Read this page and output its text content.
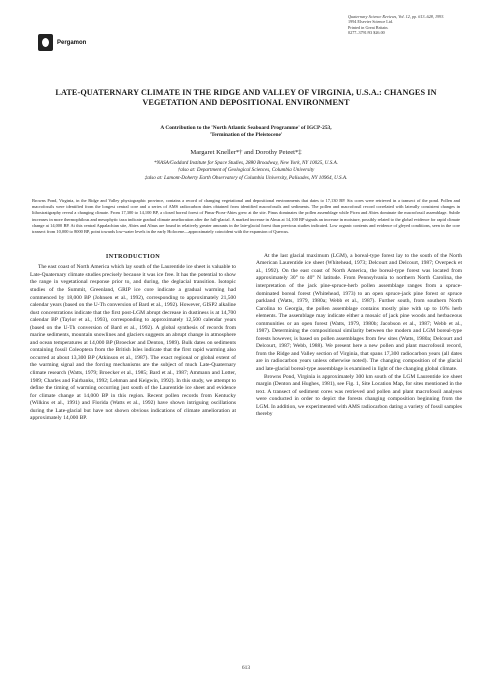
Pergamon
Quaternary Science Reviews, Vol. 12, pp. 613–628, 1993.
1994 Elsevier Science Ltd.
Printed in Great Britain.
0277–3791/93 $26.00
LATE-QUATERNARY CLIMATE IN THE RIDGE AND VALLEY OF VIRGINIA, U.S.A.: CHANGES IN VEGETATION AND DEPOSITIONAL ENVIRONMENT
A Contribution to the 'North Atlantic Seaboard Programme' of IGCP-253,
'Termination of the Pleistocene'
Margaret Kneller*† and Dorothy Peteet*‡
*NASA/Goddard Institute for Space Studies, 2880 Broadway, New York, NY 10025, U.S.A.
†also at: Department of Geological Sciences, Columbia University
‡also at: Lamont-Doherty Earth Observatory of Columbia University, Palisades, NY 10964, U.S.A.
Browns Pond, Virginia, in the Ridge and Valley physiographic province, contains a record of changing vegetational and depositional environments that dates to 17,130 BP. Six cores were retrieved in a transect of the pond. Pollen and macrofossils were identified from the longest central core and a series of AMS radiocarbon dates obtained from identified macrofossils and sediments. The pollen and macrofossil record correlated with laterally consistent changes in lithostratigraphy reveal a changing climate. From 17,300 to 14,100 BP, a closed boreal forest of Pinus-Picea-Abies grew at the site. Pinus dominates the pollen assemblage while Picea and Abies dominate the macrofossil assemblage. Subtle increases in more thermophilous and mesophytic taxa indicate gradual climate amelioration after the full-glacial. A marked increase in Alnus at 14,100 BP signals an increase in moisture, possibly related to the global evidence for rapid climate change at 14,000 BP. At this central Appalachian site, Abies and Alnus are found in relatively greater amounts in the late-glacial forest than previous studies indicated. Low organic contents and evidence of gleyed conditions, seen in the core transect from 10,000 to 8000 BP, point towards low-water levels in the early Holocene—approximately coincident with the expansion of Quercus.
INTRODUCTION

The east coast of North America which lay south of the Laurentide ice sheet is valuable to Late-Quaternary climate studies precisely because it was ice free. It has the potential to show the range in vegetational response prior to, and during, the deglacial transition. Isotopic studies of the Summit, Greenland, GRIP ice core indicate a gradual warming had commenced by 18,000 BP (Johnsen et al., 1992), corresponding to approximately 21,500 calendar years (based on the U-Th conversion of Bard et al., 1992). However, GISP2 alkaline dust concentrations indicate that the first post-LGM abrupt decrease in dustiness is at 14,700 calendar BP (Taylor et al., 1993), corresponding to approximately 12,500 calendar years (based on the U-Th conversion of Bard et al., 1992). A global synthesis of records from marine sediments, mountain snowlines and glaciers suggests an abrupt change in atmosphere and ocean temperatures at 14,000 BP (Broecker and Denton, 1989). Bulk dates on sediments containing fossil Coleoptera from the British Isles indicate that the first rapid warming also occurred at about 13,300 BP (Atkinson et al., 1987). The exact regional or global extent of the warming signal and the forcing mechanisms are the subject of much Late-Quaternary climate research (Watts, 1979; Broecker et al., 1985; Bard et al., 1987; Ammann and Lotter, 1989; Charles and Fairbanks, 1992; Lehman and Keigwin, 1992). In this study, we attempt to define the timing of warming occurring just south of the Laurentide ice sheet and evidence for climate change at 14,000 BP in this region. Recent pollen records from Kentucky (Wilkins et al., 1991) and Florida (Watts et al., 1992) have shown intriguing oscillations during the Late-glacial but have not shown obvious indications of climate amelioration at approximately 14,000 BP.

At the last glacial maximum (LGM), a boreal-type forest lay to the south of the North American Laurentide ice sheet (Whitehead, 1973; Delcourt and Delcourt, 1987; Overpeck et al., 1992). On the east coast of North America, the boreal-type forest was located from approximately 30° to 40° N latitude. From Pennsylvania to northern North Carolina, the interpretation of the jack pine-spruce-herb pollen assemblage ranges from a spruce-dominated boreal forest (Whitehead, 1973) to an open spruce-jack pine forest or spruce parkland (Watts, 1979, 1980a; Webb et al., 1987). Further south, from southern North Carolina to Georgia, the pollen assemblage contains mostly pine with up to 10% herb elements. The assemblage may indicate either a mosaic of jack pine woods and herbaceous communities or an open forest (Watts, 1979, 1980b; Jacobson et al., 1987; Webb et al., 1987). Determining the compositional similarity between the modern and LGM boreal-type forests however, is based on pollen assemblages from few sites (Watts, 1980a; Delcourt and Delcourt, 1987; Webb, 1988). We present here a new pollen and plant macrofossil record, from the Ridge and Valley section of Virginia, that spans 17,300 radiocarbon years (all dates are in radiocarbon years unless otherwise noted). The changing composition of the glacial and late-glacial boreal-type assemblage is examined in light of the changing global climate.

Browns Pond, Virginia is approximately 300 km south of the LGM Laurentide ice sheet margin (Denton and Hughes, 1981), see Fig. 1, Site Location Map, for sites mentioned in the text. A transect of sediment cores was retrieved and pollen and plant macrofossil analyses were conducted in order to depict the forests changing composition beginning from the LGM. In addition, we experimented with AMS radiocarbon dating a variety of fossil samples thereby

613
